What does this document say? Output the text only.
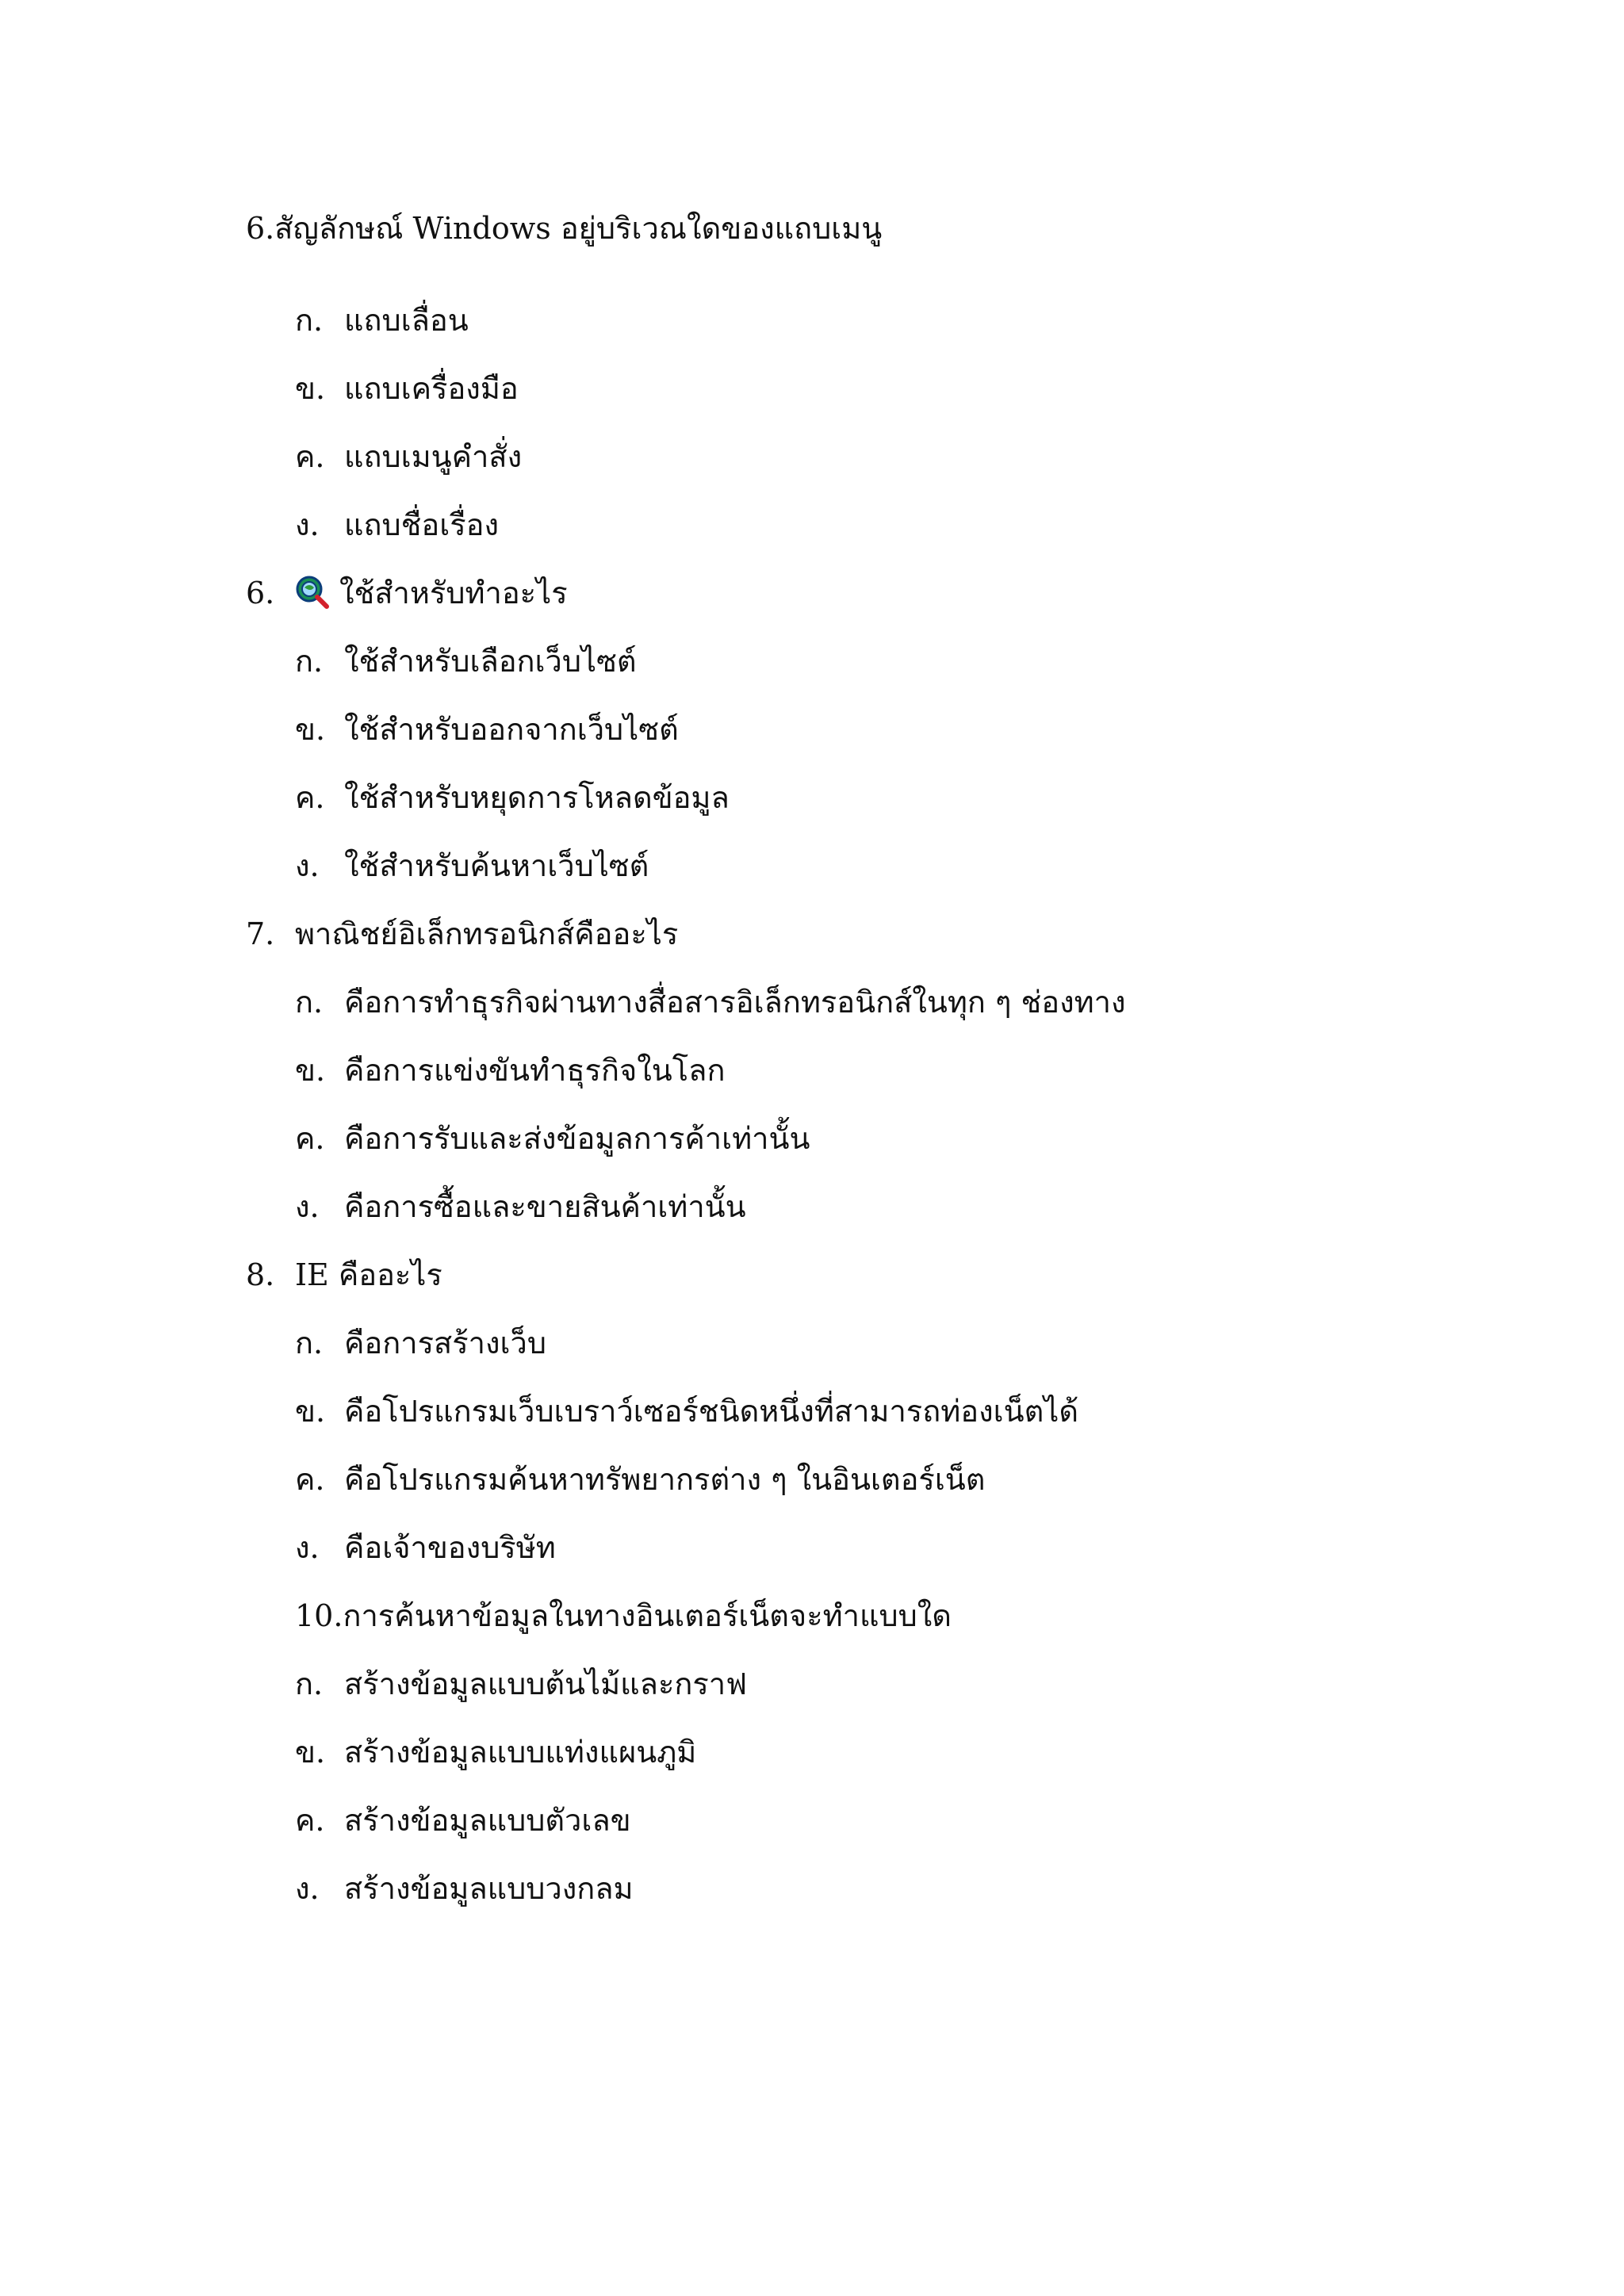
6.สัญลักษณ์ Windows อยู่บริเวณใดของแถบเมนู
ก. แถบเลื่อน
ข. แถบเครื่องมือ
ค. แถบเมนูคำสั่ง
ง. แถบชื่อเรื่อง
6. ใช้สำหรับทำอะไร
ก. ใช้สำหรับเลือกเว็บไซต์
ข. ใช้สำหรับออกจากเว็บไซต์
ค. ใช้สำหรับหยุดการโหลดข้อมูล
ง. ใช้สำหรับค้นหาเว็บไซต์
7. พาณิชย์อิเล็กทรอนิกส์คืออะไร
ก. คือการทำธุรกิจผ่านทางสื่อสารอิเล็กทรอนิกส์ในทุก ๆ ช่องทาง
ข. คือการแข่งขันทำธุรกิจในโลก
ค. คือการรับและส่งข้อมูลการค้าเท่านั้น
ง. คือการซื้อและขายสินค้าเท่านั้น
8. IE คืออะไร
ก. คือการสร้างเว็บ
ข. คือโปรแกรมเว็บเบราว์เซอร์ชนิดหนึ่งที่สามารถท่องเน็ตได้
ค. คือโปรแกรมค้นหาทรัพยากรต่าง ๆ ในอินเตอร์เน็ต
ง. คือเจ้าของบริษัท
10.การค้นหาข้อมูลในทางอินเตอร์เน็ตจะทำแบบใด
ก. สร้างข้อมูลแบบต้นไม้และกราฟ
ข. สร้างข้อมูลแบบแท่งแผนภูมิ
ค. สร้างข้อมูลแบบตัวเลข
ง. สร้างข้อมูลแบบวงกลม
